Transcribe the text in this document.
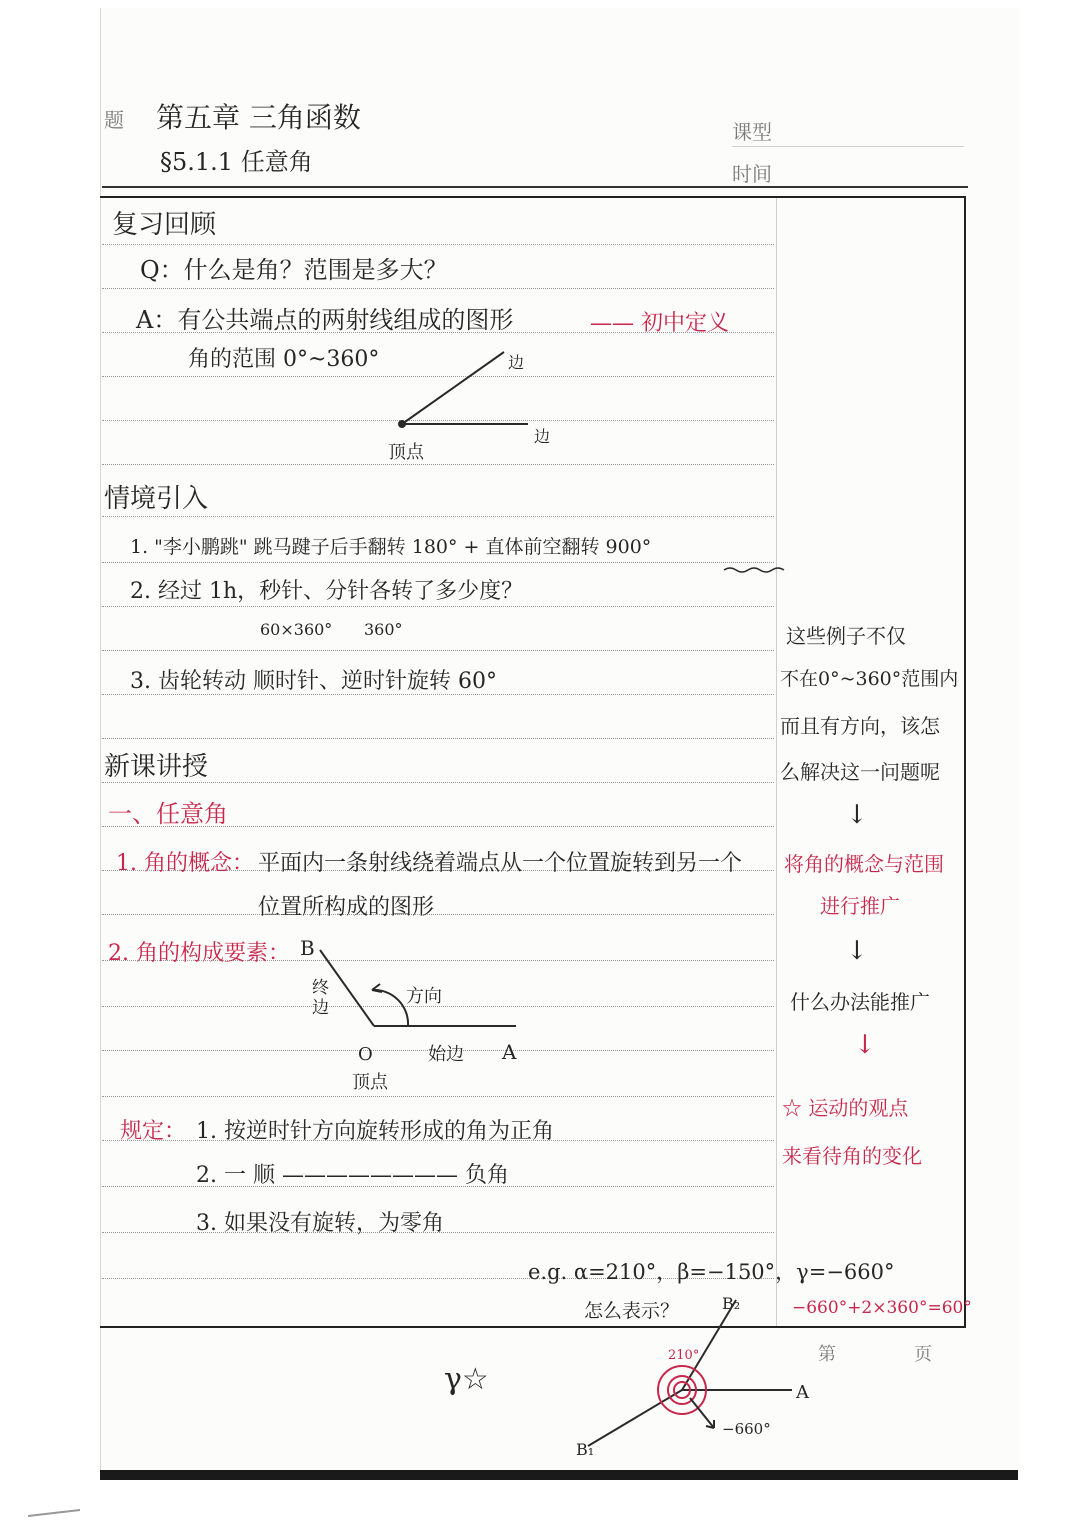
题 第五章 三角函数
§5.1.1 任意角
课型
时间
复习回顾
Q：什么是角？范围是多大？
A：有公共端点的两射线组成的图形	—— 初中定义
角的范围 0°~360°	边
边
顶点
情境引入
1. "李小鹏跳" 跳马踺子后手翻转 180° + 直体前空翻转 900°
2. 经过 1h，秒针、分针各转了多少度？
60×360° 360°
3. 齿轮转动 顺时针、逆时针旋转 60°
新课讲授
一、任意角
1. 角的概念： 平面内一条射线绕着端点从一个位置旋转到另一个
位置所构成的图形
2. 角的构成要素： B
终边
方向
O	始边 A
顶点
规定： 1. 按逆时针方向旋转形成的角为正角
2. 一 顺 ———————— 负角
3. 如果没有旋转，为零角
e.g. α=210°，β=−150°，γ=−660°
怎么表示？	−660°+2×360°=60°
第	页
γ☆
B₂
B₁
A
210°
−660°
这些例子不仅
不在0°~360°范围内
而且有方向，该怎
么解决这一问题呢
↓
将角的概念与范围
进行推广
↓
什么办法能推广
↓
☆ 运动的观点
来看待角的变化
